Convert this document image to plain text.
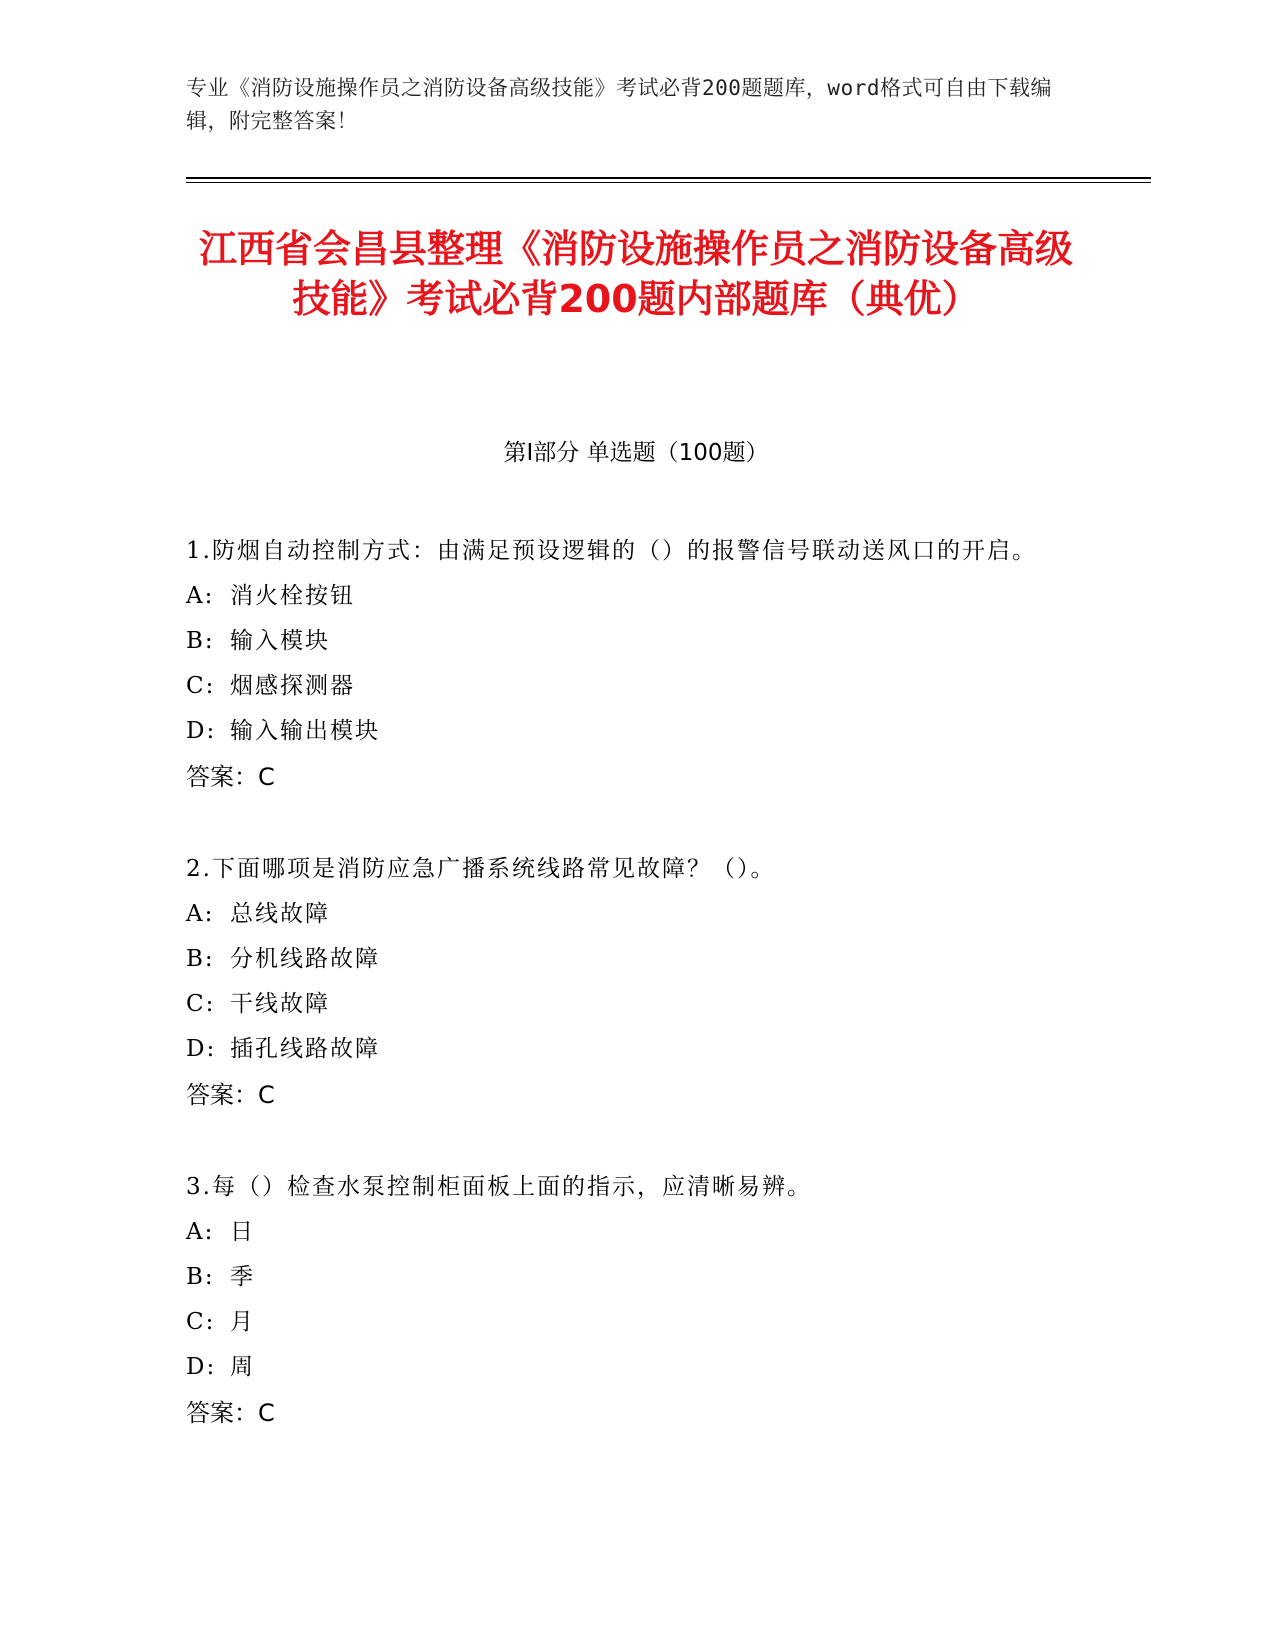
专业《消防设施操作员之消防设备高级技能》考试必背200题题库，word格式可自由下载编辑，附完整答案！
江西省会昌县整理《消防设施操作员之消防设备高级技能》考试必背200题内部题库（典优）
第Ⅰ部分 单选题（100题）
1.防烟自动控制方式：由满足预设逻辑的（）的报警信号联动送风口的开启。
A: 消火栓按钮
B: 输入模块
C: 烟感探测器
D: 输入输出模块
答案：C
2.下面哪项是消防应急广播系统线路常见故障？（）。
A: 总线故障
B: 分机线路故障
C: 干线故障
D: 插孔线路故障
答案：C
3.每（）检查水泵控制柜面板上面的指示，应清晰易辨。
A: 日
B: 季
C: 月
D: 周
答案：C
